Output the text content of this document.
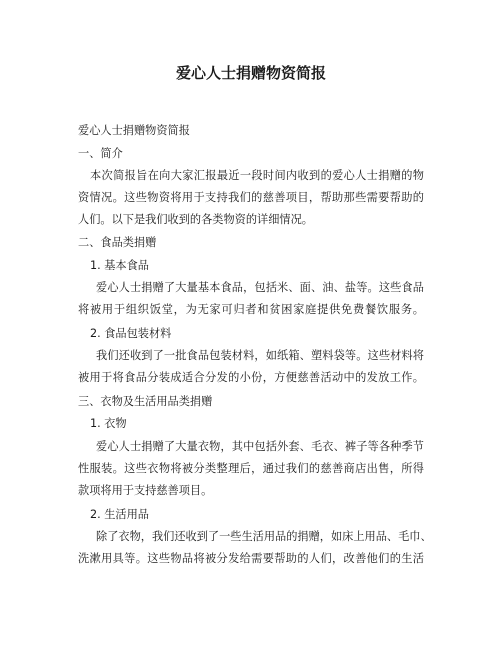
爱心人士捐赠物资简报
爱心人士捐赠物资简报
一、简介
本次简报旨在向大家汇报最近一段时间内收到的爱心人士捐赠的物
资情况。这些物资将用于支持我们的慈善项目，帮助那些需要帮助的
人们。以下是我们收到的各类物资的详细情况。
二、食品类捐赠
1. 基本食品
爱心人士捐赠了大量基本食品，包括米、面、油、盐等。这些食品
将被用于组织饭堂，为无家可归者和贫困家庭提供免费餐饮服务。
2. 食品包装材料
我们还收到了一批食品包装材料，如纸箱、塑料袋等。这些材料将
被用于将食品分装成适合分发的小份，方便慈善活动中的发放工作。
三、衣物及生活用品类捐赠
1. 衣物
爱心人士捐赠了大量衣物，其中包括外套、毛衣、裤子等各种季节
性服装。这些衣物将被分类整理后，通过我们的慈善商店出售，所得
款项将用于支持慈善项目。
2. 生活用品
除了衣物，我们还收到了一些生活用品的捐赠，如床上用品、毛巾、
洗漱用具等。这些物品将被分发给需要帮助的人们，改善他们的生活
